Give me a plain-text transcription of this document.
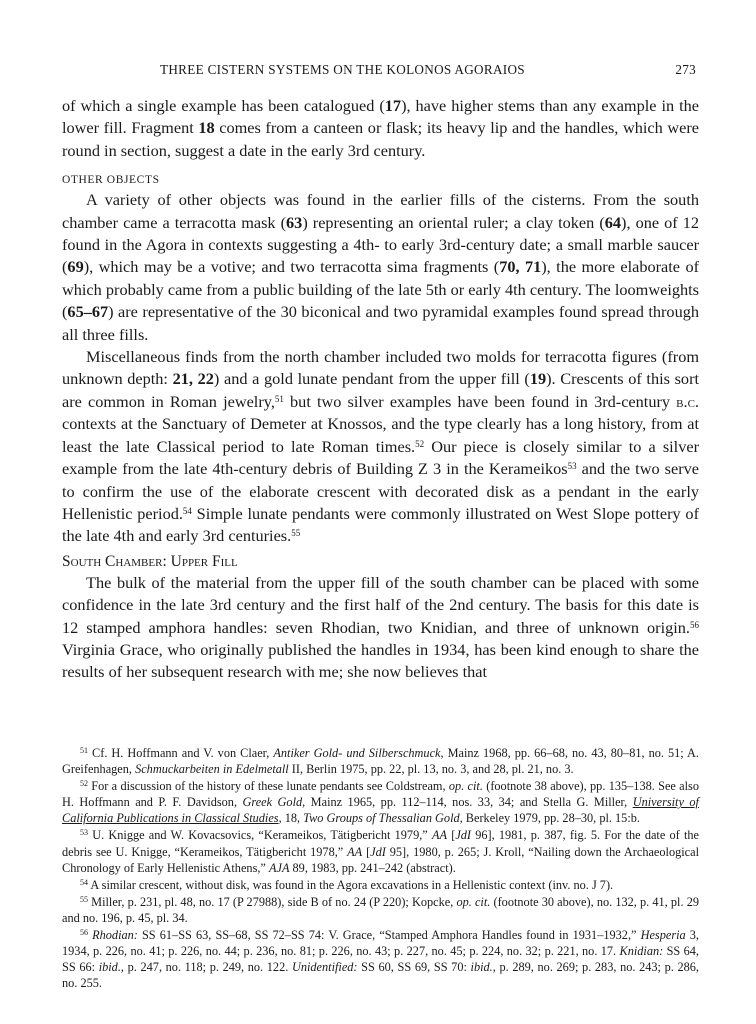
THREE CISTERN SYSTEMS ON THE KOLONOS AGORAIOS	273

of which a single example has been catalogued (17), have higher stems than any example in the lower fill. Fragment 18 comes from a canteen or flask; its heavy lip and the handles, which were round in section, suggest a date in the early 3rd century.

OTHER OBJECTS

A variety of other objects was found in the earlier fills of the cisterns. From the south chamber came a terracotta mask (63) representing an oriental ruler; a clay token (64), one of 12 found in the Agora in contexts suggesting a 4th- to early 3rd-century date; a small marble saucer (69), which may be a votive; and two terracotta sima fragments (70, 71), the more elaborate of which probably came from a public building of the late 5th or early 4th century. The loomweights (65–67) are representative of the 30 biconical and two pyramidal examples found spread through all three fills.

Miscellaneous finds from the north chamber included two molds for terracotta figures (from unknown depth: 21, 22) and a gold lunate pendant from the upper fill (19). Crescents of this sort are common in Roman jewelry,$^{51}$ but two silver examples have been found in 3rd-century b.c. contexts at the Sanctuary of Demeter at Knossos, and the type clearly has a long history, from at least the late Classical period to late Roman times.$^{52}$ Our piece is closely similar to a silver example from the late 4th-century debris of Building Z 3 in the Kerameikos$^{53}$ and the two serve to confirm the use of the elaborate crescent with decorated disk as a pendant in the early Hellenistic period.$^{54}$ Simple lunate pendants were commonly illustrated on West Slope pottery of the late 4th and early 3rd centuries.$^{55}$

South Chamber: Upper Fill

The bulk of the material from the upper fill of the south chamber can be placed with some confidence in the late 3rd century and the first half of the 2nd century. The basis for this date is 12 stamped amphora handles: seven Rhodian, two Knidian, and three of unknown origin.$^{56}$ Virginia Grace, who originally published the handles in 1934, has been kind enough to share the results of her subsequent research with me; she now believes that

$^{51}$ Cf. H. Hoffmann and V. von Claer, Antiker Gold- und Silberschmuck, Mainz 1968, pp. 66–68, no. 43, 80–81, no. 51; A. Greifenhagen, Schmuckarbeiten in Edelmetall II, Berlin 1975, pp. 22, pl. 13, no. 3, and 28, pl. 21, no. 3.

$^{52}$ For a discussion of the history of these lunate pendants see Coldstream, op. cit. (footnote 38 above), pp. 135–138. See also H. Hoffmann and P. F. Davidson, Greek Gold, Mainz 1965, pp. 112–114, nos. 33, 34; and Stella G. Miller, University of California Publications in Classical Studies, 18, Two Groups of Thessalian Gold, Berkeley 1979, pp. 28–30, pl. 15:b.

$^{53}$ U. Knigge and W. Kovacsovics, “Kerameikos, Tätigbericht 1979,” AA [JdI 96], 1981, p. 387, fig. 5. For the date of the debris see U. Knigge, “Kerameikos, Tätigbericht 1978,” AA [JdI 95], 1980, p. 265; J. Kroll, “Nailing down the Archaeological Chronology of Early Hellenistic Athens,” AJA 89, 1983, pp. 241–242 (abstract).

$^{54}$ A similar crescent, without disk, was found in the Agora excavations in a Hellenistic context (inv. no. J 7).

$^{55}$ Miller, p. 231, pl. 48, no. 17 (P 27988), side B of no. 24 (P 220); Kopcke, op. cit. (footnote 30 above), no. 132, p. 41, pl. 29 and no. 196, p. 45, pl. 34.

$^{56}$ Rhodian: SS 61–SS 63, SS–68, SS 72–SS 74: V. Grace, “Stamped Amphora Handles found in 1931–1932,” Hesperia 3, 1934, p. 226, no. 41; p. 226, no. 44; p. 236, no. 81; p. 226, no. 43; p. 227, no. 45; p. 224, no. 32; p. 221, no. 17. Knidian: SS 64, SS 66: ibid., p. 247, no. 118; p. 249, no. 122. Unidentified: SS 60, SS 69, SS 70: ibid., p. 289, no. 269; p. 283, no. 243; p. 286, no. 255.
